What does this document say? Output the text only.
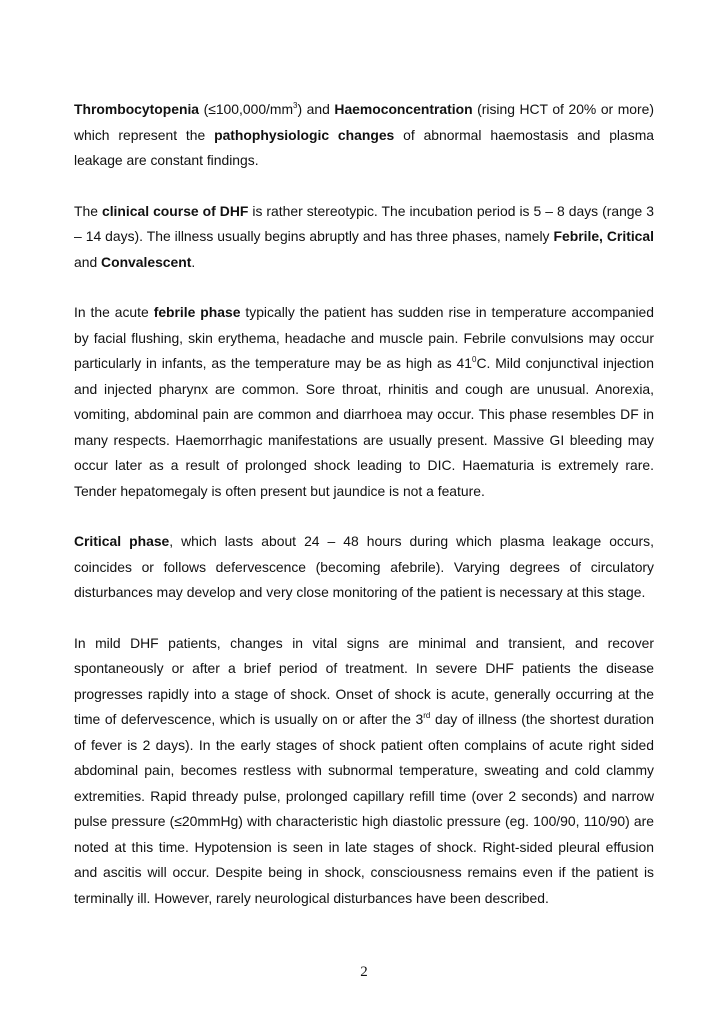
Thrombocytopenia $(\le 100,000/mm^3)$ and Haemoconcentration (rising HCT of 20% or more) which represent the pathophysiologic changes of abnormal haemostasis and plasma leakage are constant findings.

The clinical course of DHF is rather stereotypic. The incubation period is 5 – 8 days (range 3 – 14 days). The illness usually begins abruptly and has three phases, namely Febrile, Critical and Convalescent.

In the acute febrile phase typically the patient has sudden rise in temperature accompanied by facial flushing, skin erythema, headache and muscle pain. Febrile convulsions may occur particularly in infants, as the temperature may be as high as $41^0C$. Mild conjunctival injection and injected pharynx are common. Sore throat, rhinitis and cough are unusual. Anorexia, vomiting, abdominal pain are common and diarrhoea may occur. This phase resembles DF in many respects. Haemorrhagic manifestations are usually present. Massive GI bleeding may occur later as a result of prolonged shock leading to DIC. Haematuria is extremely rare. Tender hepatomegaly is often present but jaundice is not a feature.

Critical phase, which lasts about 24 – 48 hours during which plasma leakage occurs, coincides or follows defervescence (becoming afebrile). Varying degrees of circulatory disturbances may develop and very close monitoring of the patient is necessary at this stage.

In mild DHF patients, changes in vital signs are minimal and transient, and recover spontaneously or after a brief period of treatment. In severe DHF patients the disease progresses rapidly into a stage of shock. Onset of shock is acute, generally occurring at the time of defervescence, which is usually on or after the 3rd day of illness (the shortest duration of fever is 2 days). In the early stages of shock patient often complains of acute right sided abdominal pain, becomes restless with subnormal temperature, sweating and cold clammy extremities. Rapid thready pulse, prolonged capillary refill time (over 2 seconds) and narrow pulse pressure (≤20mmHg) with characteristic high diastolic pressure (eg. 100/90, 110/90) are noted at this time. Hypotension is seen in late stages of shock. Right-sided pleural effusion and ascitis will occur. Despite being in shock, consciousness remains even if the patient is terminally ill. However, rarely neurological disturbances have been described.

2
